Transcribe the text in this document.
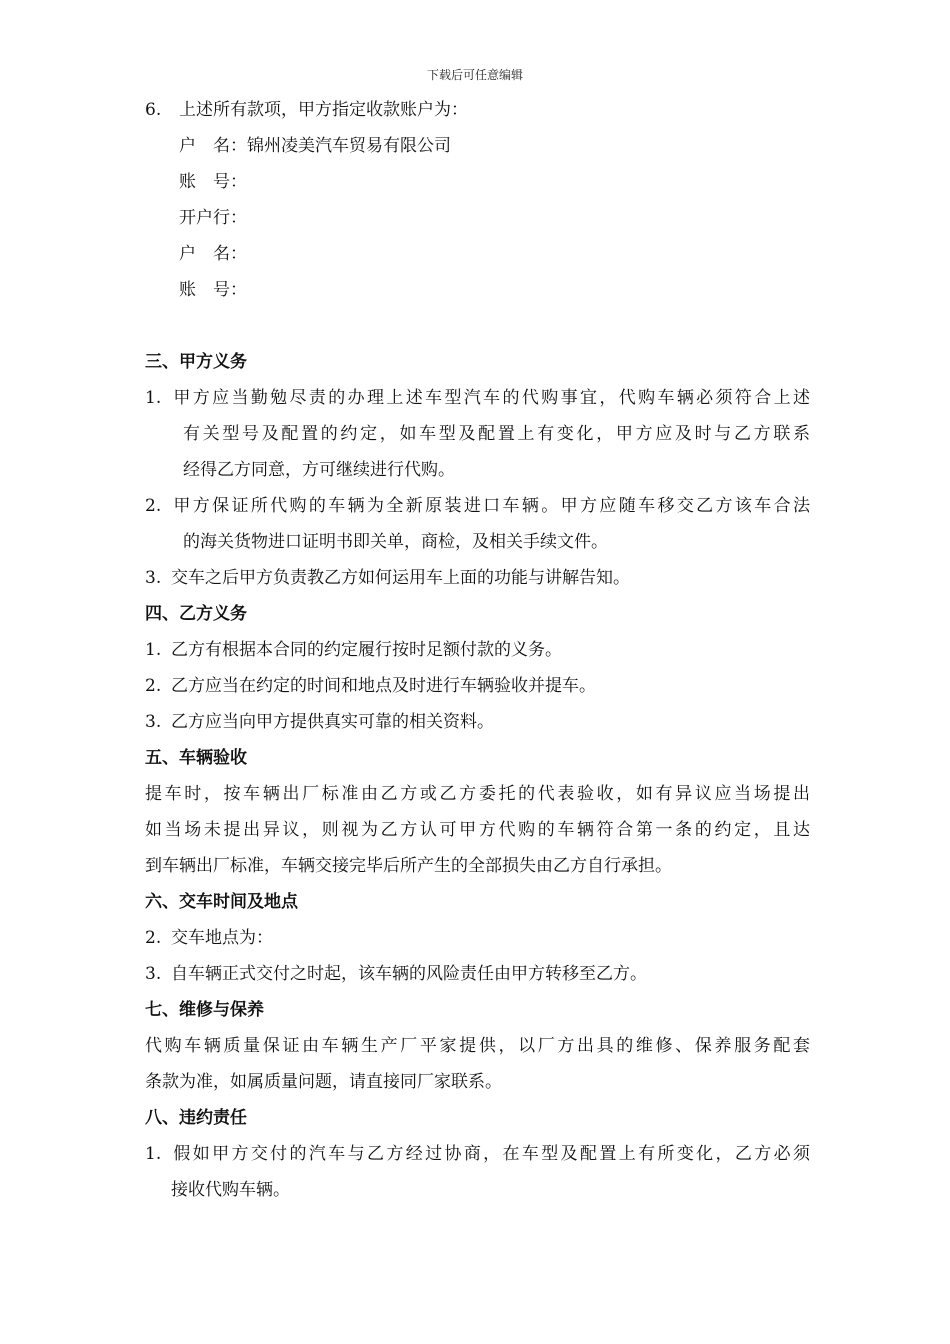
下载后可任意编辑
6. 上述所有款项，甲方指定收款账户为：
户　名：锦州凌美汽车贸易有限公司
账　号：
开户行：
户　名：
账　号：
三、甲方义务
1. 甲方应当勤勉尽责的办理上述车型汽车的代购事宜，代购车辆必须符合上述
有关型号及配置的约定，如车型及配置上有变化，甲方应及时与乙方联系
经得乙方同意，方可继续进行代购。
2. 甲方保证所代购的车辆为全新原装进口车辆。甲方应随车移交乙方该车合法
的海关货物进口证明书即关单，商检，及相关手续文件。
3. 交车之后甲方负责教乙方如何运用车上面的功能与讲解告知。
四、乙方义务
1. 乙方有根据本合同的约定履行按时足额付款的义务。
2. 乙方应当在约定的时间和地点及时进行车辆验收并提车。
3. 乙方应当向甲方提供真实可靠的相关资料。
五、车辆验收
提车时，按车辆出厂标准由乙方或乙方委托的代表验收，如有异议应当场提出
如当场未提出异议，则视为乙方认可甲方代购的车辆符合第一条的约定，且达
到车辆出厂标准，车辆交接完毕后所产生的全部损失由乙方自行承担。
六、交车时间及地点
2. 交车地点为：
3. 自车辆正式交付之时起，该车辆的风险责任由甲方转移至乙方。
七、维修与保养
代购车辆质量保证由车辆生产厂平家提供，以厂方出具的维修、保养服务配套
条款为准，如属质量问题，请直接同厂家联系。
八、违约责任
1. 假如甲方交付的汽车与乙方经过协商，在车型及配置上有所变化，乙方必须
接收代购车辆。
